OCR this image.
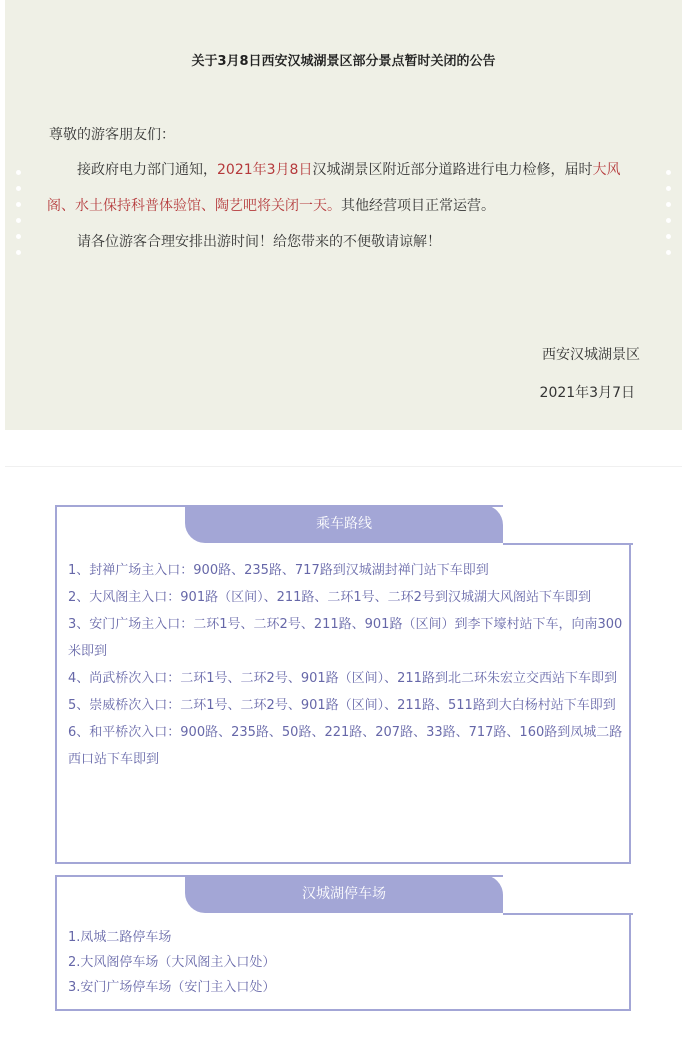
关于3月8日西安汉城湖景区部分景点暂时关闭的公告
尊敬的游客朋友们：
接政府电力部门通知，2021年3月8日汉城湖景区附近部分道路进行电力检修，届时大风阁、水土保持科普体验馆、陶艺吧将关闭一天。其他经营项目正常运营。
请各位游客合理安排出游时间！给您带来的不便敬请谅解！
西安汉城湖景区
2021年3月7日
乘车路线
1、封禅广场主入口：900路、235路、717路到汉城湖封禅门站下车即到
2、大风阁主入口：901路（区间）、211路、二环1号、二环2号到汉城湖大风阁站下车即到
3、安门广场主入口：二环1号、二环2号、211路、901路（区间）到李下壕村站下车，向南300米即到
4、尚武桥次入口：二环1号、二环2号、901路（区间）、211路到北二环朱宏立交西站下车即到
5、崇威桥次入口：二环1号、二环2号、901路（区间）、211路、511路到大白杨村站下车即到
6、和平桥次入口：900路、235路、50路、221路、207路、33路、717路、160路到凤城二路西口站下车即到
汉城湖停车场
1.凤城二路停车场
2.大风阁停车场（大风阁主入口处）
3.安门广场停车场（安门主入口处）
